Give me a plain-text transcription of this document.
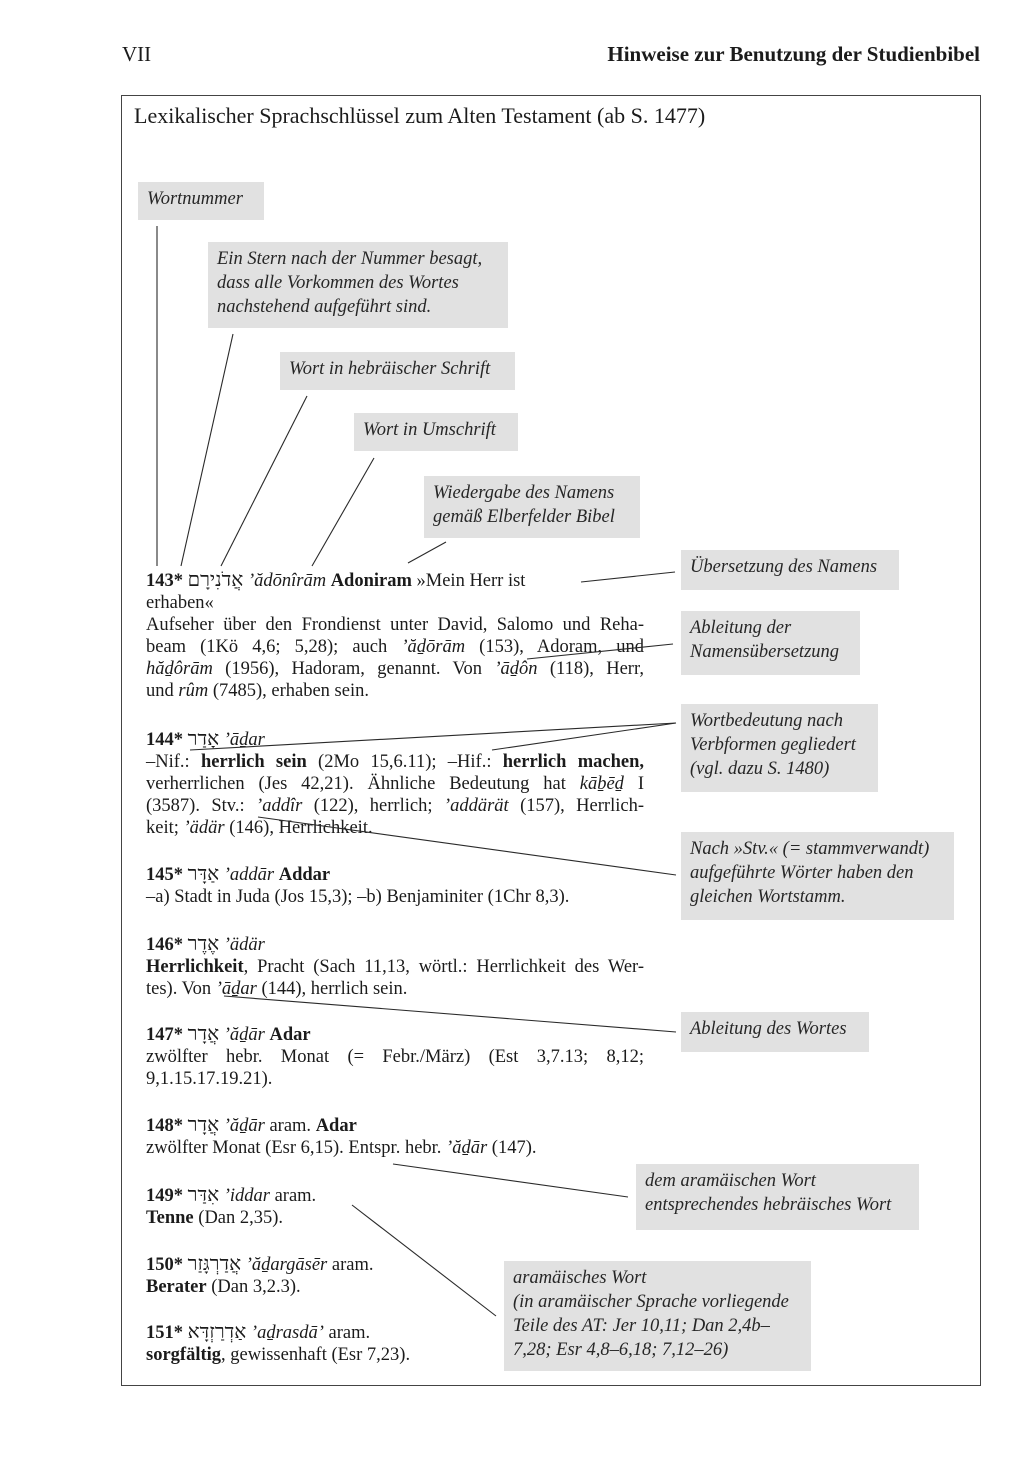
VII	Hinweise zur Benutzung der Studienbibel
Lexikalischer Sprachschlüssel zum Alten Testament (ab S. 1477)
Wortnummer
Ein Stern nach der Nummer besagt,
dass alle Vorkommen des Wortes
nachstehend aufgeführt sind.
Wort in hebräischer Schrift
Wort in Umschrift
Wiedergabe des Namens
gemäß Elberfelder Bibel
Übersetzung des Namens
Ableitung der
Namensübersetzung
Wortbedeutung nach
Verbformen gegliedert
(vgl. dazu S. 1480)
Nach »Stv.« (= stammverwandt)
aufgeführte Wörter haben den
gleichen Wortstamm.
Ableitung des Wortes
dem aramäischen Wort
entsprechendes hebräisches Wort
aramäisches Wort
(in aramäischer Sprache vorliegende
Teile des AT: Jer 10,11; Dan 2,4b–
7,28; Esr 4,8–6,18; 7,12–26)
143* אֲדֹנִירָם ʼădōnîrām Adoniram »Mein Herr ist
erhaben«
Aufseher über den Frondienst unter David, Salomo und Reha-
beam (1Kö 4,6; 5,28); auch ʼăḏōrām (153), Adoram, und
hăḏôrām (1956), Hadoram, genannt. Von ʼāḏôn (118), Herr,
und rûm (7485), erhaben sein.
144* אָדַר ʼāḏar
–Nif.: herrlich sein (2Mo 15,6.11); –Hif.: herrlich machen,
verherrlichen (Jes 42,21). Ähnliche Bedeutung hat kāḇēḏ I
(3587). Stv.: ʼaddîr (122), herrlich; ʼaddärät (157), Herrlich-
keit; ʼädär (146), Herrlichkeit.
145* אַדָּר ʼaddār Addar
–a) Stadt in Juda (Jos 15,3); –b) Benjaminiter (1Chr 8,3).
146* אֶדֶר ʼädär
Herrlichkeit, Pracht (Sach 11,13, wörtl.: Herrlichkeit des Wer-
tes). Von ʼāḏar (144), herrlich sein.
147* אֲדָר ʼăḏār Adar
zwölfter hebr. Monat (= Febr./März) (Est 3,7.13; 8,12;
9,1.15.17.19.21).
148* אֲדָר ʼăḏār aram. Adar
zwölfter Monat (Esr 6,15). Entspr. hebr. ʼăḏār (147).
149* אִדַּר ʼiddar aram.
Tenne (Dan 2,35).
150* אֲדַרְגָּזַר ʼăḏargāsēr aram.
Berater (Dan 3,2.3).
151* אַדְרַזְדָּא ʼaḏrasdāʼ aram.
sorgfältig, gewissenhaft (Esr 7,23).
